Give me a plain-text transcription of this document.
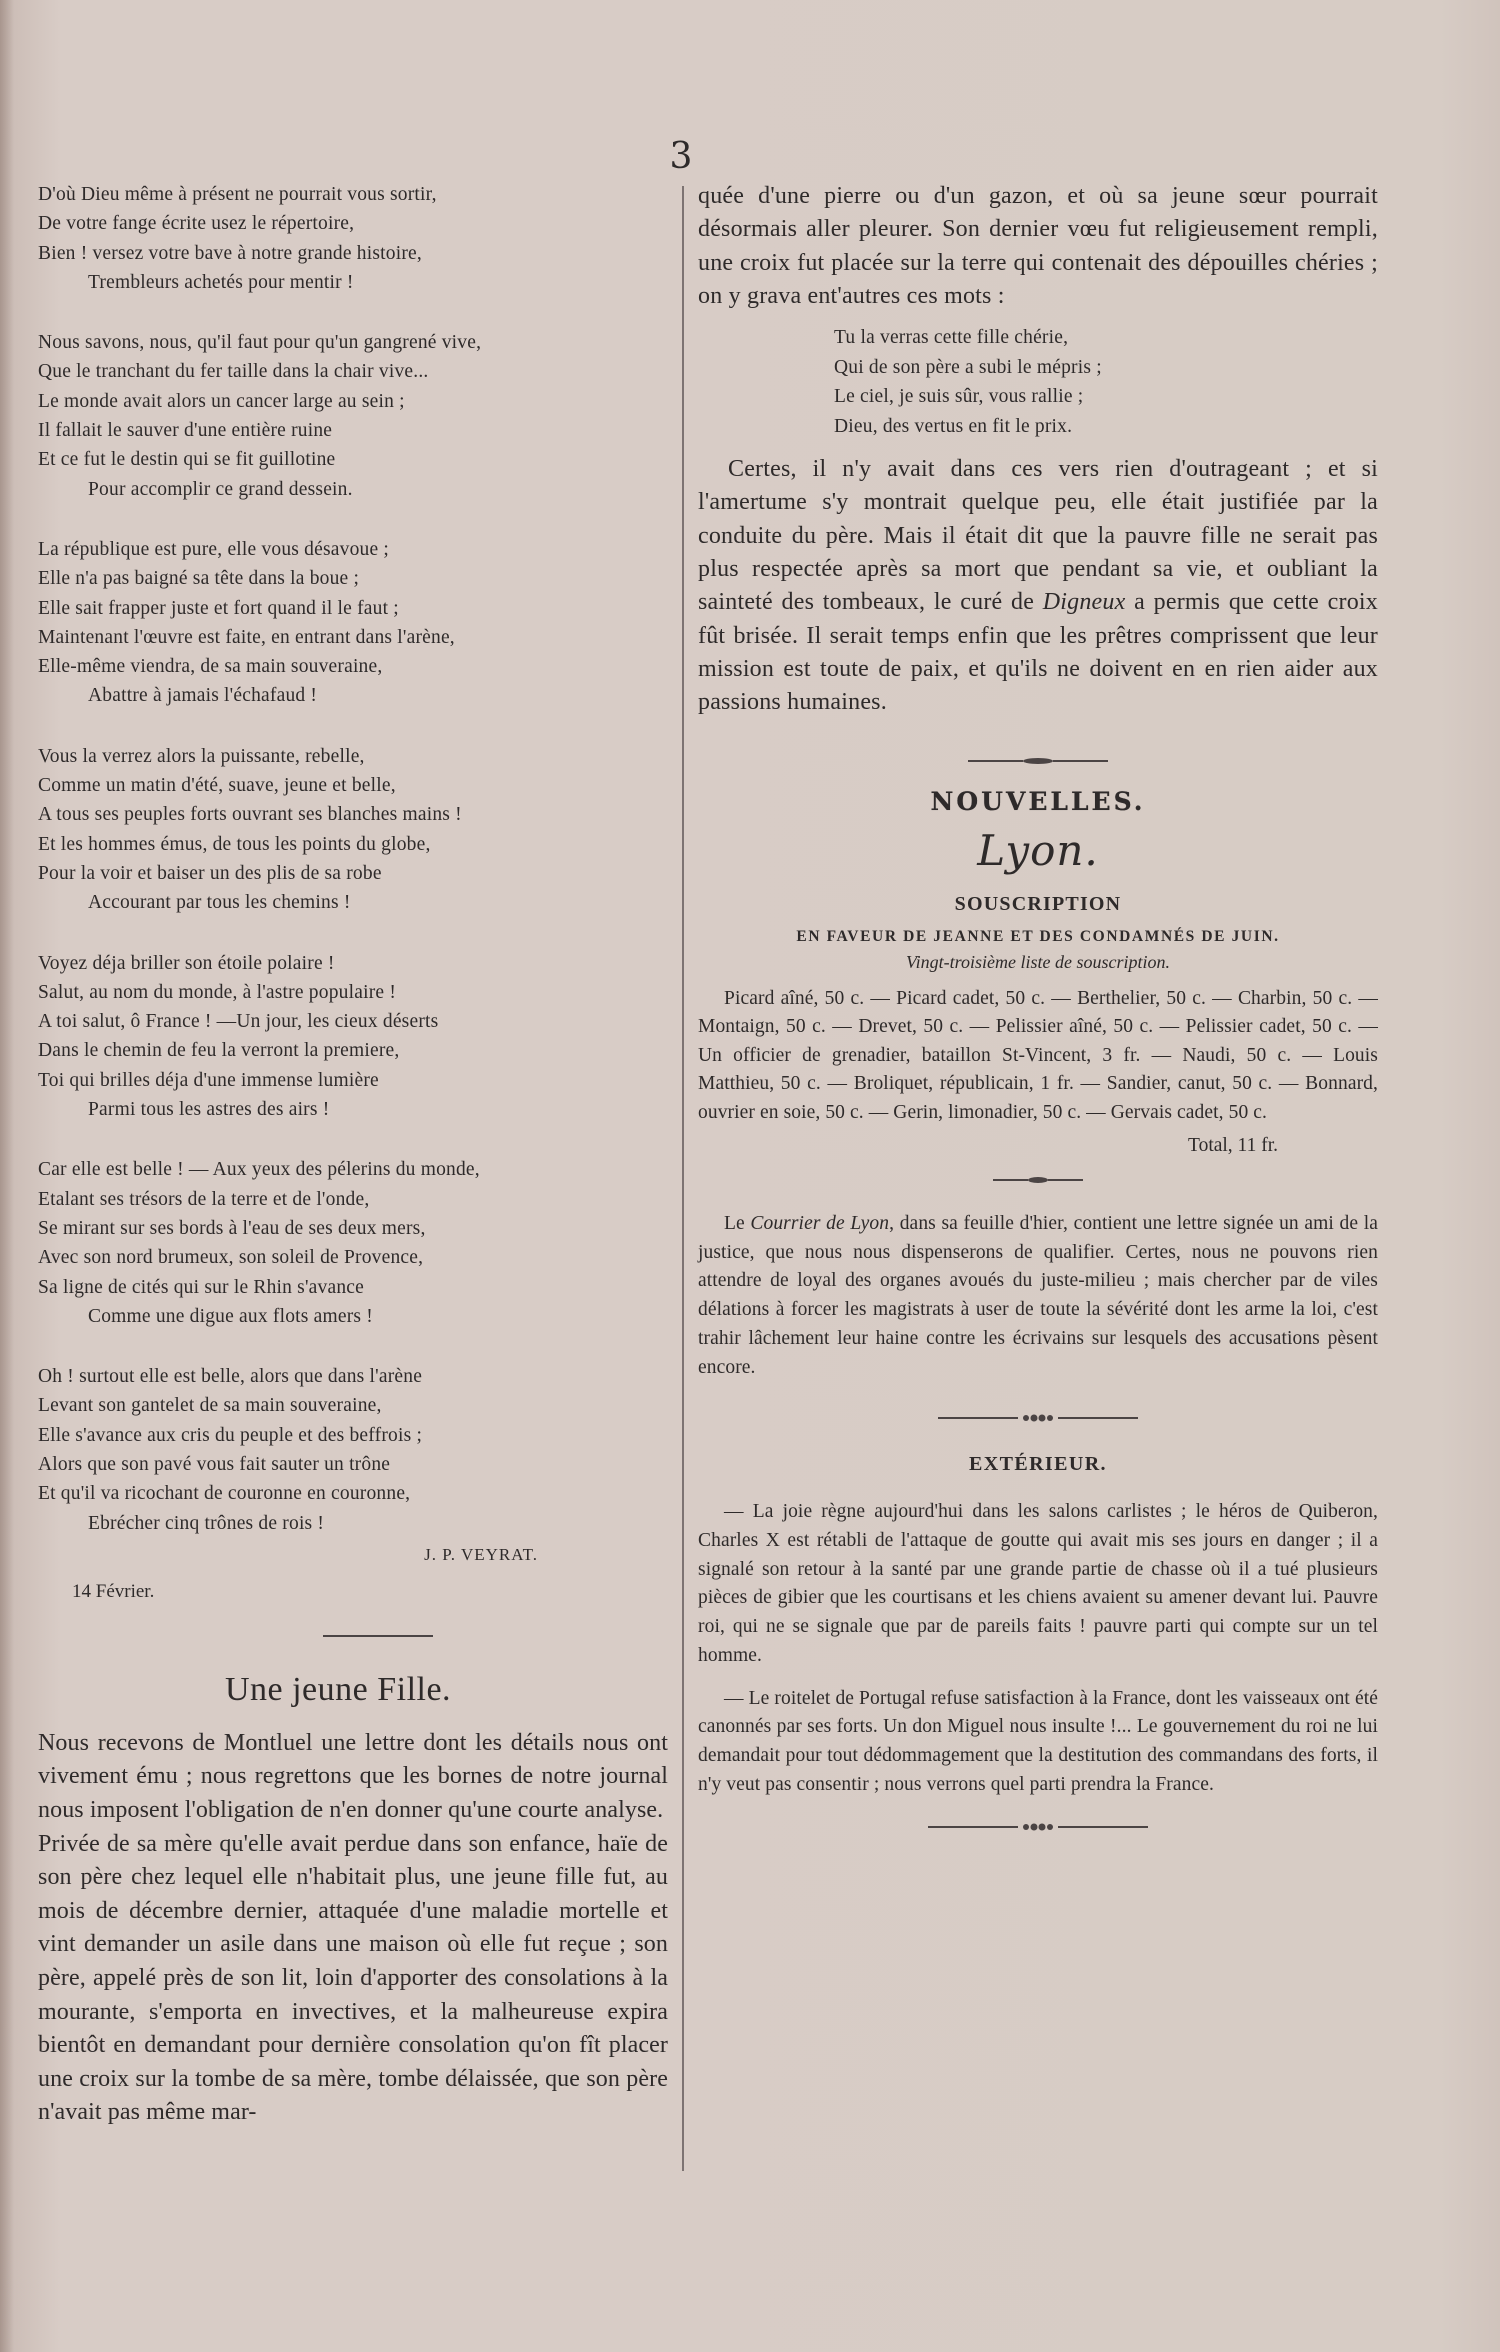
3
D'où Dieu même à présent ne pourrait vous sortir,
De votre fange écrite usez le répertoire,
Bien ! versez votre bave à notre grande histoire,
Trembleurs achetés pour mentir !
Nous savons, nous, qu'il faut pour qu'un gangrené vive,
Que le tranchant du fer taille dans la chair vive...
Le monde avait alors un cancer large au sein ;
Il fallait le sauver d'une entière ruine
Et ce fut le destin qui se fit guillotine
Pour accomplir ce grand dessein.
La république est pure, elle vous désavoue ;
Elle n'a pas baigné sa tête dans la boue ;
Elle sait frapper juste et fort quand il le faut ;
Maintenant l'œuvre est faite, en entrant dans l'arène,
Elle-même viendra, de sa main souveraine,
Abattre à jamais l'échafaud !
Vous la verrez alors la puissante, rebelle,
Comme un matin d'été, suave, jeune et belle,
A tous ses peuples forts ouvrant ses blanches mains !
Et les hommes émus, de tous les points du globe,
Pour la voir et baiser un des plis de sa robe
Accourant par tous les chemins !
Voyez déja briller son étoile polaire !
Salut, au nom du monde, à l'astre populaire !
A toi salut, ô France ! —Un jour, les cieux déserts
Dans le chemin de feu la verront la premiere,
Toi qui brilles déja d'une immense lumière
Parmi tous les astres des airs !
Car elle est belle ! — Aux yeux des pélerins du monde,
Etalant ses trésors de la terre et de l'onde,
Se mirant sur ses bords à l'eau de ses deux mers,
Avec son nord brumeux, son soleil de Provence,
Sa ligne de cités qui sur le Rhin s'avance
Comme une digue aux flots amers !
Oh ! surtout elle est belle, alors que dans l'arène
Levant son gantelet de sa main souveraine,
Elle s'avance aux cris du peuple et des beffrois ;
Alors que son pavé vous fait sauter un trône
Et qu'il va ricochant de couronne en couronne,
Ebrécher cinq trônes de rois !
J. P. VEYRAT.
14 Février.
Une jeune Fille.

Nous recevons de Montluel une lettre dont les détails nous ont vivement ému ; nous regrettons que les bornes de notre journal nous imposent l'obligation de n'en donner qu'une courte analyse.

Privée de sa mère qu'elle avait perdue dans son enfance, haïe de son père chez lequel elle n'habitait plus, une jeune fille fut, au mois de décembre dernier, attaquée d'une maladie mortelle et vint demander un asile dans une maison où elle fut reçue ; son père, appelé près de son lit, loin d'apporter des consolations à la mourante, s'emporta en invectives, et la malheureuse expira bientôt en demandant pour dernière consolation qu'on fît placer une croix sur la tombe de sa mère, tombe délaissée, que son père n'avait pas même mar-

quée d'une pierre ou d'un gazon, et où sa jeune sœur pourrait désormais aller pleurer. Son dernier vœu fut religieusement rempli, une croix fut placée sur la terre qui contenait des dépouilles chéries ; on y grava ent'autres ces mots :

Tu la verras cette fille chérie,
Qui de son père a subi le mépris ;
Le ciel, je suis sûr, vous rallie ;
Dieu, des vertus en fit le prix.

Certes, il n'y avait dans ces vers rien d'outrageant ; et si l'amertume s'y montrait quelque peu, elle était justifiée par la conduite du père. Mais il était dit que la pauvre fille ne serait pas plus respectée après sa mort que pendant sa vie, et oubliant la sainteté des tombeaux, le curé de Digneux a permis que cette croix fût brisée. Il serait temps enfin que les prêtres comprissent que leur mission est toute de paix, et qu'ils ne doivent en en rien aider aux passions humaines.

NOUVELLES.
Lyon.
SOUSCRIPTION
EN FAVEUR DE JEANNE ET DES CONDAMNÉS DE JUIN.
Vingt-troisième liste de souscription.
Picard aîné, 50 c. — Picard cadet, 50 c. — Berthelier, 50 c. — Charbin, 50 c. — Montaign, 50 c. — Drevet, 50 c. — Pelissier aîné, 50 c. — Pelissier cadet, 50 c. — Un officier de grenadier, bataillon St-Vincent, 3 fr. — Naudi, 50 c. — Louis Matthieu, 50 c. — Broliquet, républicain, 1 fr. — Sandier, canut, 50 c. — Bonnard, ouvrier en soie, 50 c. — Gerin, limonadier, 50 c. — Gervais cadet, 50 c.
Total, 11 fr.

Le Courrier de Lyon, dans sa feuille d'hier, contient une lettre signée un ami de la justice, que nous nous dispenserons de qualifier. Certes, nous ne pouvons rien attendre de loyal des organes avoués du juste-milieu ; mais chercher par de viles délations à forcer les magistrats à user de toute la sévérité dont les arme la loi, c'est trahir lâchement leur haine contre les écrivains sur lesquels des accusations pèsent encore.

EXTÉRIEUR.

— La joie règne aujourd'hui dans les salons carlistes ; le héros de Quiberon, Charles X est rétabli de l'attaque de goutte qui avait mis ses jours en danger ; il a signalé son retour à la santé par une grande partie de chasse où il a tué plusieurs pièces de gibier que les courtisans et les chiens avaient su amener devant lui. Pauvre roi, qui ne se signale que par de pareils faits ! pauvre parti qui compte sur un tel homme.

— Le roitelet de Portugal refuse satisfaction à la France, dont les vaisseaux ont été canonnés par ses forts. Un don Miguel nous insulte !... Le gouvernement du roi ne lui demandait pour tout dédommagement que la destitution des commandans des forts, il n'y veut pas consentir ; nous verrons quel parti prendra la France.
